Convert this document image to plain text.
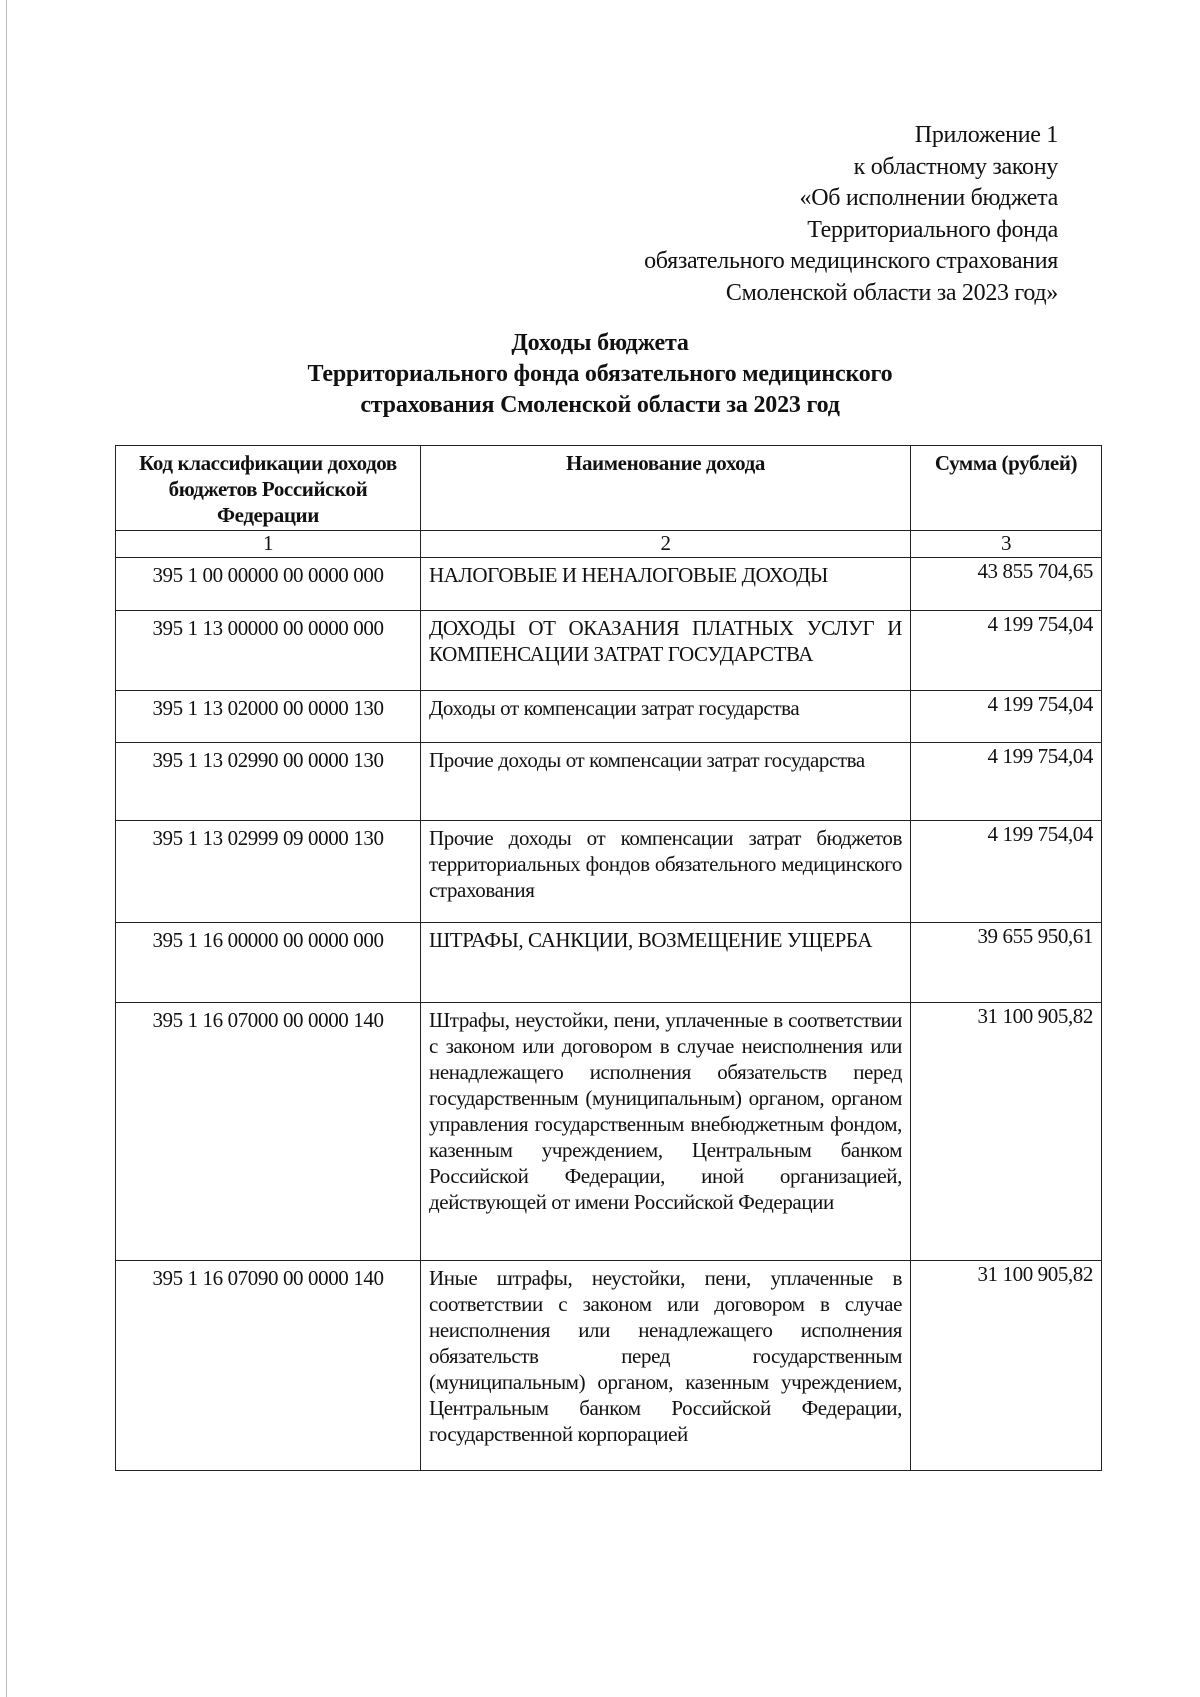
Приложение 1
к областному закону
«Об исполнении бюджета
Территориального фонда
обязательного медицинского страхования
Смоленской области за 2023 год»
Доходы бюджета
Территориального фонда обязательного медицинского
страхования Смоленской области за 2023 год
Код классификации доходов бюджетов Российской Федерации	Наименование дохода	Сумма (рублей)
1	2	3
395 1 00 00000 00 0000 000	НАЛОГОВЫЕ И НЕНАЛОГОВЫЕ ДОХОДЫ	43 855 704,65
395 1 13 00000 00 0000 000	ДОХОДЫ ОТ ОКАЗАНИЯ ПЛАТНЫХ УСЛУГ И КОМПЕНСАЦИИ ЗАТРАТ ГОСУДАРСТВА	4 199 754,04
395 1 13 02000 00 0000 130	Доходы от компенсации затрат государства	4 199 754,04
395 1 13 02990 00 0000 130	Прочие доходы от компенсации затрат государства	4 199 754,04
395 1 13 02999 09 0000 130	Прочие доходы от компенсации затрат бюджетов территориальных фондов обязательного медицинского страхования	4 199 754,04
395 1 16 00000 00 0000 000	ШТРАФЫ, САНКЦИИ, ВОЗМЕЩЕНИЕ УЩЕРБА	39 655 950,61
395 1 16 07000 00 0000 140	Штрафы, неустойки, пени, уплаченные в соответствии с законом или договором в случае неисполнения или ненадлежащего исполнения обязательств перед государственным (муниципальным) органом, органом управления государственным внебюджетным фондом, казенным учреждением, Центральным банком Российской Федерации, иной организацией, действующей от имени Российской Федерации	31 100 905,82
395 1 16 07090 00 0000 140	Иные штрафы, неустойки, пени, уплаченные в соответствии с законом или договором в случае неисполнения или ненадлежащего исполнения обязательств перед государственным (муниципальным) органом, казенным учреждением, Центральным банком Российской Федерации, государственной корпорацией	31 100 905,82
